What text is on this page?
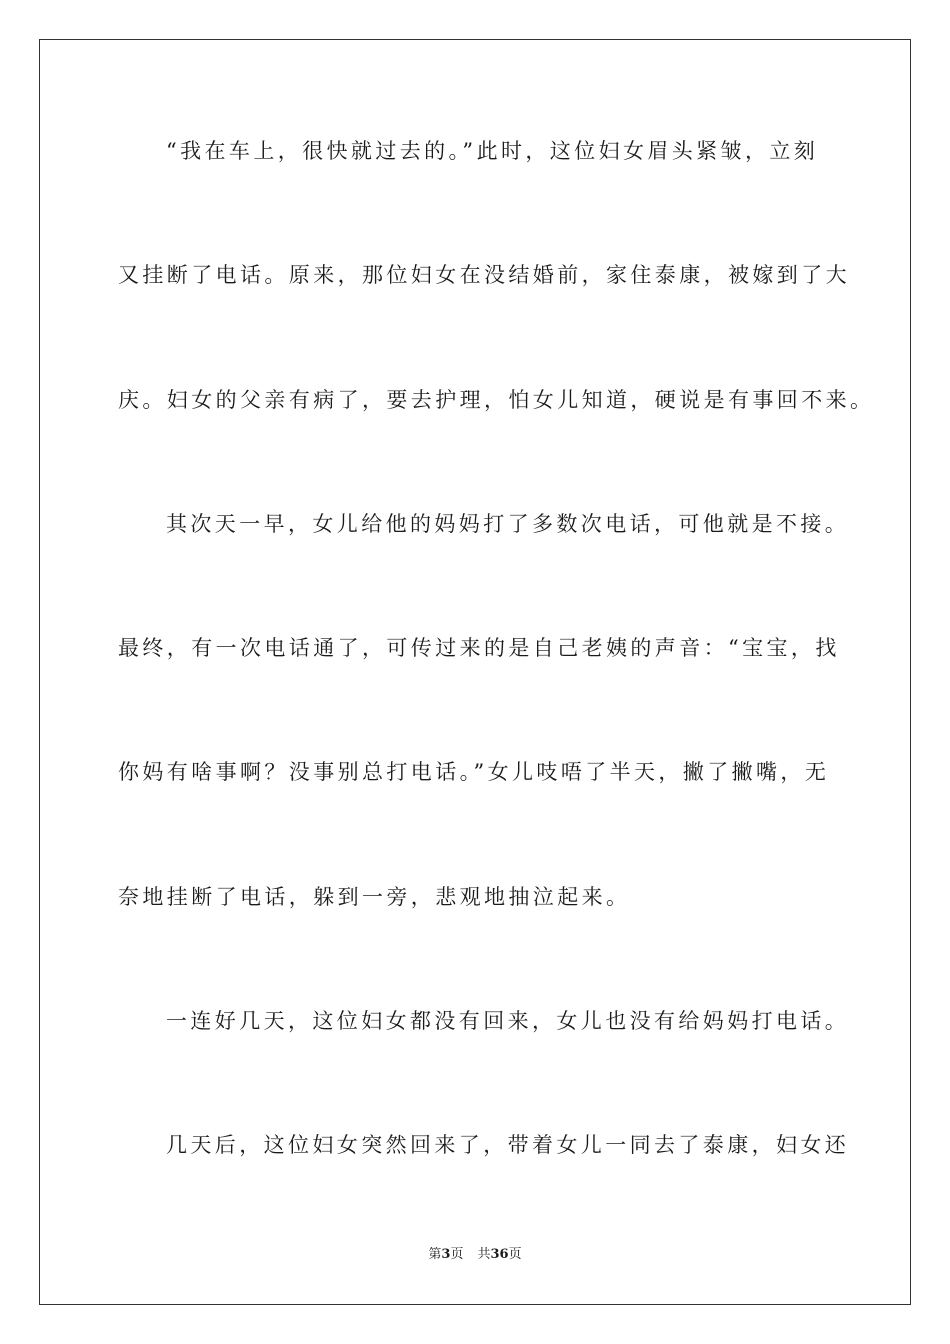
“我在车上，很快就过去的。”此时，这位妇女眉头紧皱，立刻

又挂断了电话。原来，那位妇女在没结婚前，家住泰康，被嫁到了大

庆。妇女的父亲有病了，要去护理，怕女儿知道，硬说是有事回不来。

其次天一早，女儿给他的妈妈打了多数次电话，可他就是不接。

最终，有一次电话通了，可传过来的是自己老姨的声音：“宝宝，找

你妈有啥事啊？没事别总打电话。”女儿吱唔了半天，撇了撇嘴，无

奈地挂断了电话，躲到一旁，悲观地抽泣起来。

一连好几天，这位妇女都没有回来，女儿也没有给妈妈打电话。

几天后，这位妇女突然回来了，带着女儿一同去了泰康，妇女还

第3页 共36页
